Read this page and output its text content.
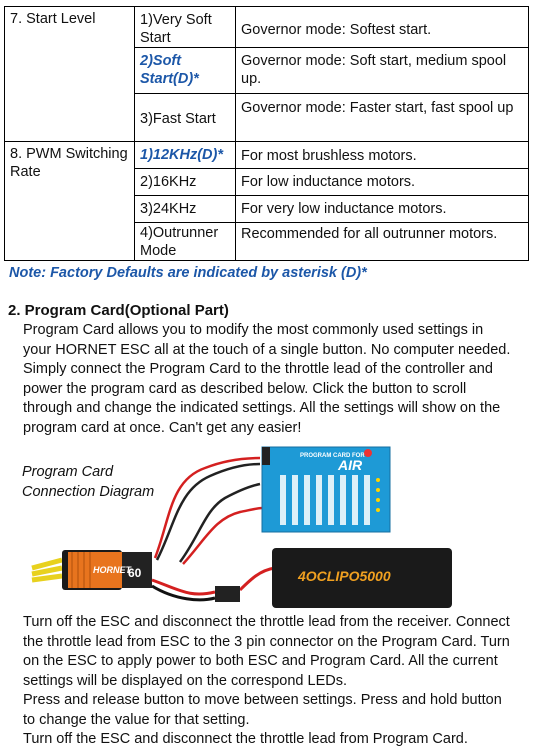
7. Start Level	1)Very Soft Start	Governor mode: Softest start.

	2)Soft Start(D)*	Governor mode: Soft start, medium spool up.

	3)Fast Start	Governor mode: Faster start, fast spool up

8. PWM Switching Rate	1)12KHz(D)*	For most brushless motors.

	2)16KHz	For low inductance motors.

	3)24KHz	For very low inductance motors.

	4)Outrunner Mode	Recommended for all outrunner motors.
Note: Factory Defaults are indicated by asterisk (D)*
2. Program Card(Optional Part)
Program Card allows you to modify the most commonly used settings in
your HORNET ESC all at the touch of a single button. No computer needed.
Simply connect the Program Card to the throttle lead of the controller and
power the program card as described below. Click the button to scroll
through and change the indicated settings. All the settings will show on the
program card at once. Can't get any easier!
Program Card
Connection Diagram
PROGRAM CARD FOR
AIR
HORNET
60	4OCLIPO5000
Turn off the ESC and disconnect the throttle lead from the receiver. Connect
the throttle lead from ESC to the 3 pin connector on the Program Card. Turn
on the ESC to apply power to both ESC and Program Card. All the current
settings will be displayed on the correspond LEDs.
Press and release button to move between settings. Press and hold button
to change the value for that setting.
Turn off the ESC and disconnect the throttle lead from Program Card.
